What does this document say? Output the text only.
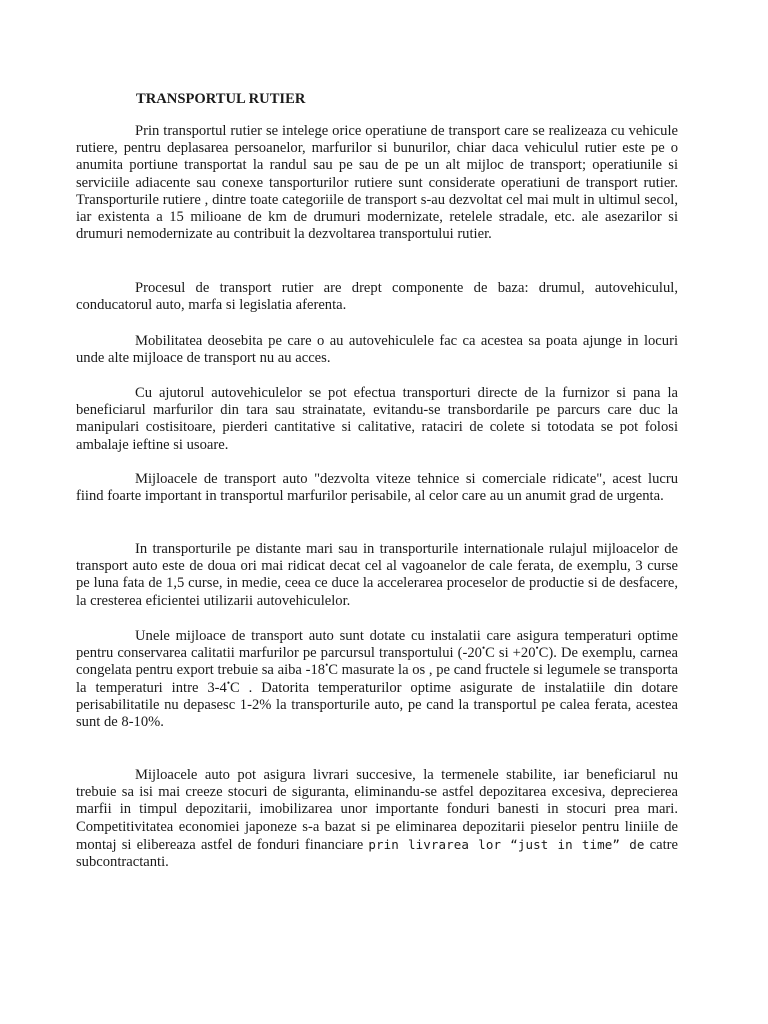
TRANSPORTUL RUTIER

Prin transportul rutier se intelege orice operatiune de transport care se realizeaza cu vehicule rutiere, pentru deplasarea persoanelor, marfurilor si bunurilor, chiar daca vehiculul rutier este pe o anumita portiune transportat la randul sau pe sau de pe un alt mijloc de transport; operatiunile si serviciile adiacente sau conexe tansporturilor rutiere sunt considerate operatiuni de transport rutier. Transporturile rutiere , dintre toate categoriile de transport s-au dezvoltat cel mai mult in ultimul secol, iar existenta a 15 milioane de km de drumuri modernizate, retelele stradale, etc. ale asezarilor si drumuri nemodernizate au contribuit la dezvoltarea transportului rutier.

Procesul de transport rutier are drept componente de baza: drumul, autovehiculul, conducatorul auto, marfa si legislatia aferenta.

Mobilitatea deosebita pe care o au autovehiculele fac ca acestea sa poata ajunge in locuri unde alte mijloace de transport nu au acces.

Cu ajutorul autovehiculelor se pot efectua transporturi directe de la furnizor si pana la beneficiarul marfurilor din tara sau strainatate, evitandu-se transbordarile pe parcurs care duc la manipulari costisitoare, pierderi cantitative si calitative, rataciri de colete si totodata se pot folosi ambalaje ieftine si usoare.

Mijloacele de transport auto "dezvolta viteze tehnice si comerciale ridicate", acest lucru fiind foarte important in transportul marfurilor perisabile, al celor care au un anumit grad de urgenta.

In transporturile pe distante mari sau in transporturile internationale rulajul mijloacelor de transport auto este de doua ori mai ridicat decat cel al vagoanelor de cale ferata, de exemplu, 3 curse pe luna fata de 1,5 curse, in medie, ceea ce duce la accelerarea proceselor de productie si de desfacere, la cresterea eficientei utilizarii autovehiculelor.

Unele mijloace de transport auto sunt dotate cu instalatii care asigura temperaturi optime pentru conservarea calitatii marfurilor pe parcursul transportului (-20•C si +20•C). De exemplu, carnea congelata pentru export trebuie sa aiba -18•C masurate la os , pe cand fructele si legumele se transporta la temperaturi intre 3-4•C . Datorita temperaturilor optime asigurate de instalatiile din dotare perisabilitatile nu depasesc 1-2% la transporturile auto, pe cand la transportul pe calea ferata, acestea sunt de 8-10%.

Mijloacele auto pot asigura livrari succesive, la termenele stabilite, iar beneficiarul nu trebuie sa isi mai creeze stocuri de siguranta, eliminandu-se astfel depozitarea excesiva, deprecierea marfii in timpul depozitarii, imobilizarea unor importante fonduri banesti in stocuri prea mari. Competitivitatea economiei japoneze s-a bazat si pe eliminarea depozitarii pieselor pentru liniile de montaj si elibereaza astfel de fonduri financiare prin livrarea lor “just in time” de catre subcontractanti.
